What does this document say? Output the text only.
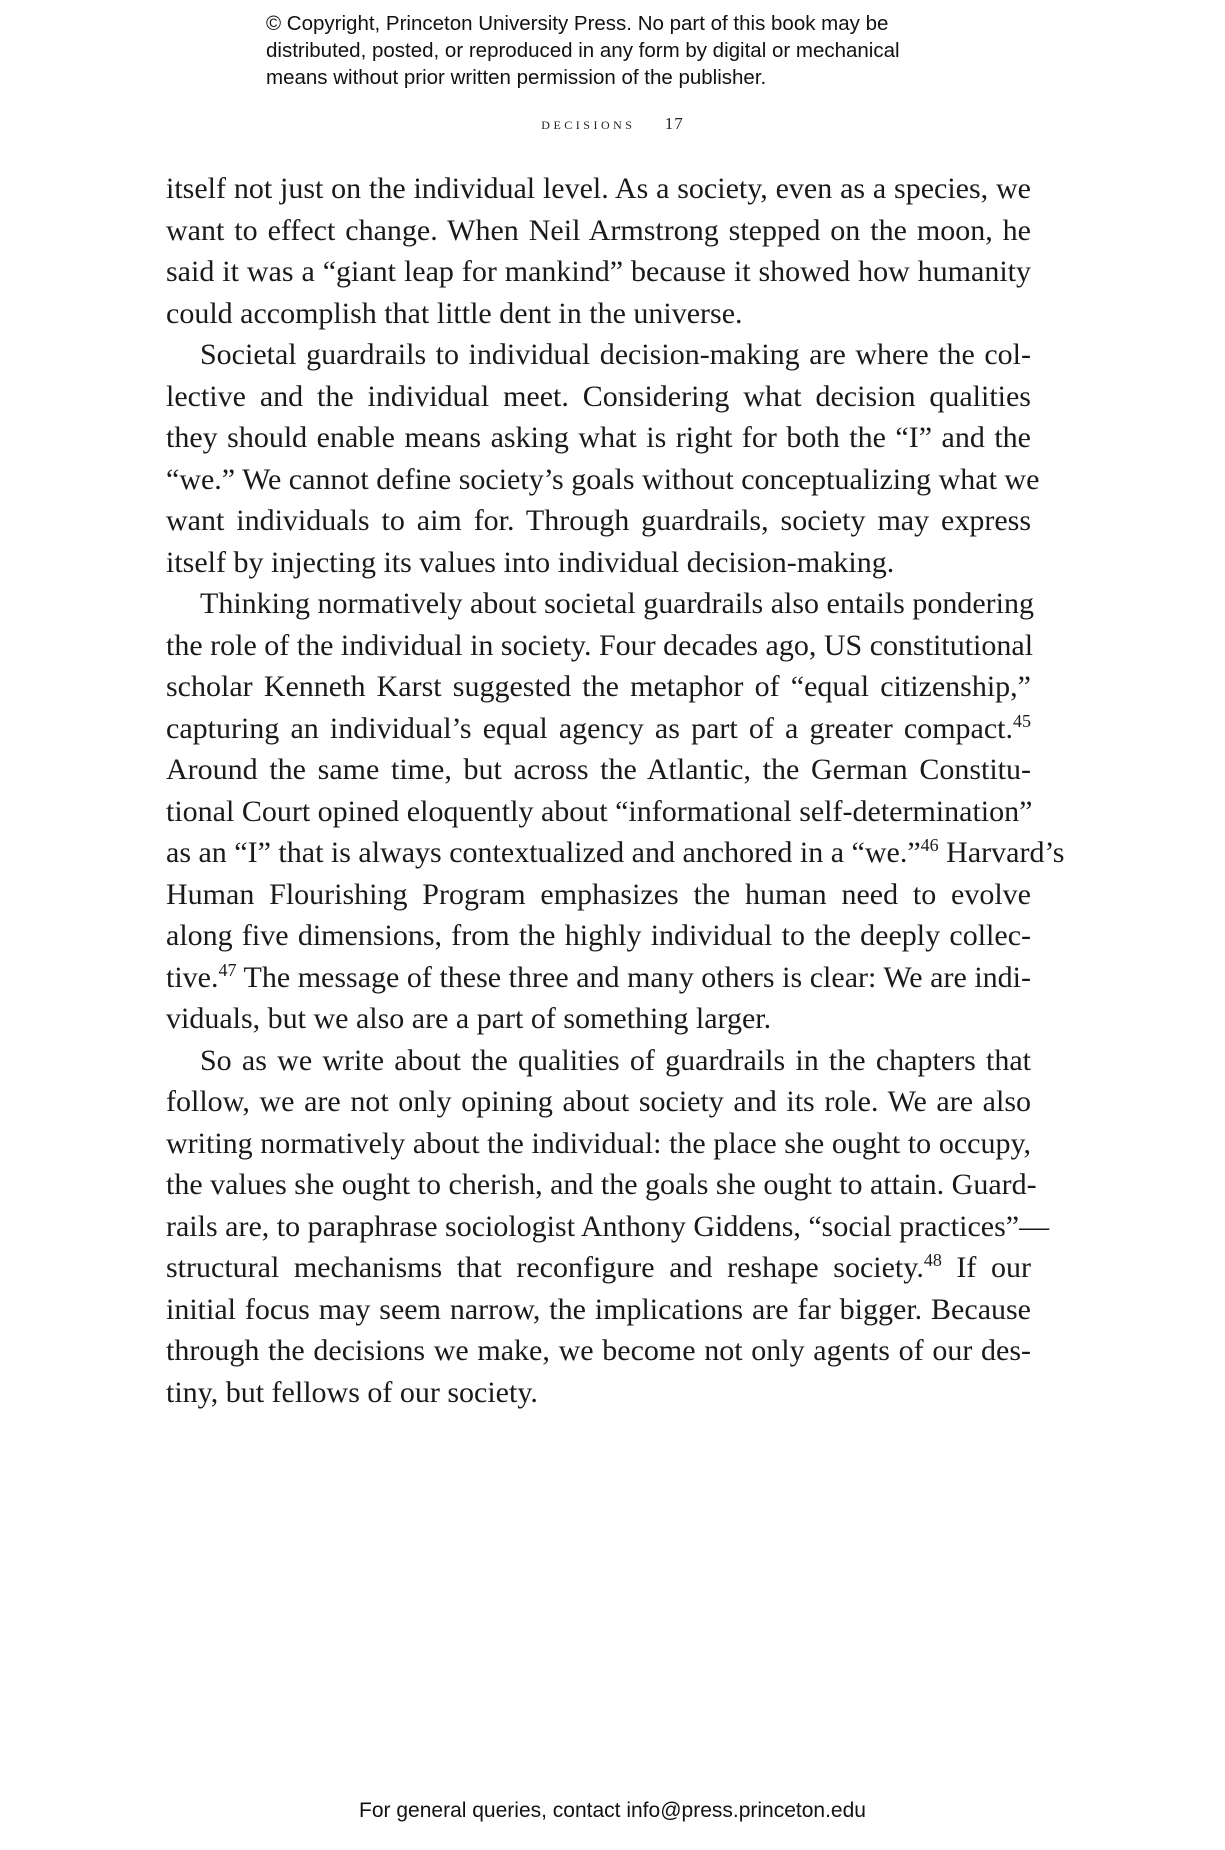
© Copyright, Princeton University Press. No part of this book may be
distributed, posted, or reproduced in any form by digital or mechanical
means without prior written permission of the publisher.
decisions 17
itself not just on the individual level. As a society, even as a species, we
want to effect change. When Neil Armstrong stepped on the moon, he
said it was a “giant leap for mankind” because it showed how humanity
could accomplish that little dent in the universe.
Societal guardrails to individual decision-making are where the col-
lective and the individual meet. Considering what decision qualities
they should enable means asking what is right for both the “I” and the
“we.” We cannot define society’s goals without conceptualizing what we
want individuals to aim for. Through guardrails, society may express
itself by injecting its values into individual decision-making.
Thinking normatively about societal guardrails also entails pondering
the role of the individual in society. Four decades ago, US constitutional
scholar Kenneth Karst suggested the metaphor of “equal citizenship,”
capturing an individual’s equal agency as part of a greater compact.$^{45}$
Around the same time, but across the Atlantic, the German Constitu-
tional Court opined eloquently about “informational self-determination”
as an “I” that is always contextualized and anchored in a “we.”$^{46}$ Harvard’s
Human Flourishing Program emphasizes the human need to evolve
along five dimensions, from the highly individual to the deeply collec-
tive.$^{47}$ The message of these three and many others is clear: We are indi-
viduals, but we also are a part of something larger.
So as we write about the qualities of guardrails in the chapters that
follow, we are not only opining about society and its role. We are also
writing normatively about the individual: the place she ought to occupy,
the values she ought to cherish, and the goals she ought to attain. Guard-
rails are, to paraphrase sociologist Anthony Giddens, “social practices”—
structural mechanisms that reconfigure and reshape society.$^{48}$ If our
initial focus may seem narrow, the implications are far bigger. Because
through the decisions we make, we become not only agents of our des-
tiny, but fellows of our society.
For general queries, contact info@press.princeton.edu
